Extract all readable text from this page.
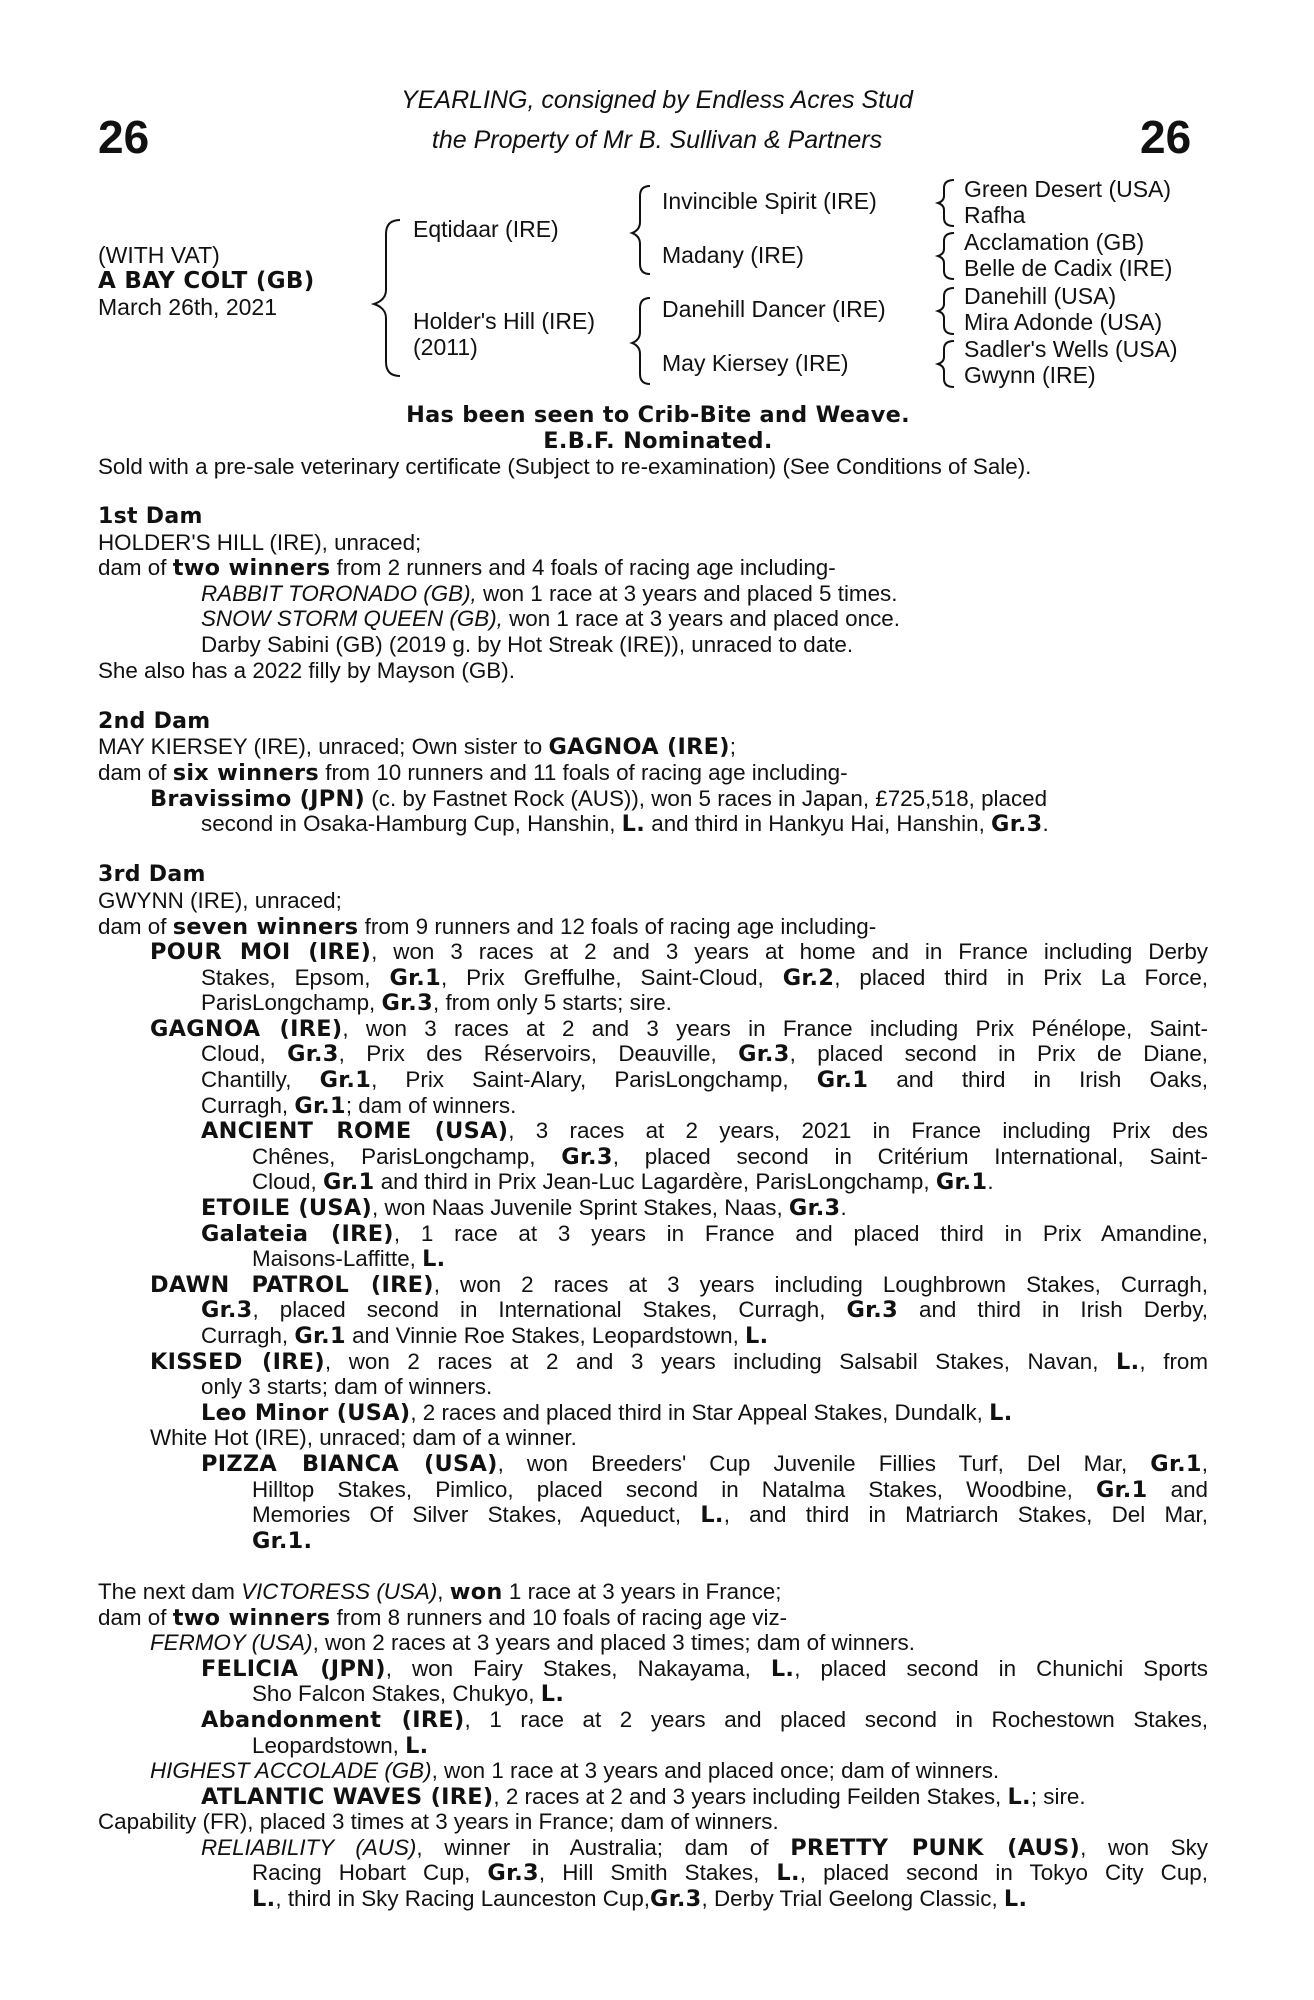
26	26
YEARLING, consigned by Endless Acres Stud
the Property of Mr B. Sullivan & Partners
(WITH VAT)
A BAY COLT (GB)
March 26th, 2021
Eqtidaar (IRE)
Holder's Hill (IRE)
(2011)
Invincible Spirit (IRE)
Madany (IRE)
Danehill Dancer (IRE)
May Kiersey (IRE)
Green Desert (USA)
Rafha
Acclamation (GB)
Belle de Cadix (IRE)
Danehill (USA)
Mira Adonde (USA)
Sadler's Wells (USA)
Gwynn (IRE)
Has been seen to Crib-Bite and Weave.
E.B.F. Nominated.
Sold with a pre-sale veterinary certificate (Subject to re-examination) (See Conditions of Sale).
1st Dam
HOLDER'S HILL (IRE), unraced;
dam of two winners from 2 runners and 4 foals of racing age including-
RABBIT TORONADO (GB), won 1 race at 3 years and placed 5 times.
SNOW STORM QUEEN (GB), won 1 race at 3 years and placed once.
Darby Sabini (GB) (2019 g. by Hot Streak (IRE)), unraced to date.
She also has a 2022 filly by Mayson (GB).
2nd Dam
MAY KIERSEY (IRE), unraced; Own sister to GAGNOA (IRE);
dam of six winners from 10 runners and 11 foals of racing age including-
Bravissimo (JPN) (c. by Fastnet Rock (AUS)), won 5 races in Japan, £725,518, placed
second in Osaka-Hamburg Cup, Hanshin, L. and third in Hankyu Hai, Hanshin, Gr.3.
3rd Dam
GWYNN (IRE), unraced;
dam of seven winners from 9 runners and 12 foals of racing age including-
POUR MOI (IRE), won 3 races at 2 and 3 years at home and in France including Derby
Stakes, Epsom, Gr.1, Prix Greffulhe, Saint-Cloud, Gr.2, placed third in Prix La Force,
ParisLongchamp, Gr.3, from only 5 starts; sire.
GAGNOA (IRE), won 3 races at 2 and 3 years in France including Prix Pénélope, Saint-
Cloud, Gr.3, Prix des Réservoirs, Deauville, Gr.3, placed second in Prix de Diane,
Chantilly, Gr.1, Prix Saint-Alary, ParisLongchamp, Gr.1 and third in Irish Oaks,
Curragh, Gr.1; dam of winners.
ANCIENT ROME (USA), 3 races at 2 years, 2021 in France including Prix des
Chênes, ParisLongchamp, Gr.3, placed second in Critérium International, Saint-
Cloud, Gr.1 and third in Prix Jean-Luc Lagardère, ParisLongchamp, Gr.1.
ETOILE (USA), won Naas Juvenile Sprint Stakes, Naas, Gr.3.
Galateia (IRE), 1 race at 3 years in France and placed third in Prix Amandine,
Maisons-Laffitte, L.
DAWN PATROL (IRE), won 2 races at 3 years including Loughbrown Stakes, Curragh,
Gr.3, placed second in International Stakes, Curragh, Gr.3 and third in Irish Derby,
Curragh, Gr.1 and Vinnie Roe Stakes, Leopardstown, L.
KISSED (IRE), won 2 races at 2 and 3 years including Salsabil Stakes, Navan, L., from
only 3 starts; dam of winners.
Leo Minor (USA), 2 races and placed third in Star Appeal Stakes, Dundalk, L.
White Hot (IRE), unraced; dam of a winner.
PIZZA BIANCA (USA), won Breeders' Cup Juvenile Fillies Turf, Del Mar, Gr.1,
Hilltop Stakes, Pimlico, placed second in Natalma Stakes, Woodbine, Gr.1 and
Memories Of Silver Stakes, Aqueduct, L., and third in Matriarch Stakes, Del Mar,
Gr.1.
The next dam VICTORESS (USA), won 1 race at 3 years in France;
dam of two winners from 8 runners and 10 foals of racing age viz-
FERMOY (USA), won 2 races at 3 years and placed 3 times; dam of winners.
FELICIA (JPN), won Fairy Stakes, Nakayama, L., placed second in Chunichi Sports
Sho Falcon Stakes, Chukyo, L.
Abandonment (IRE), 1 race at 2 years and placed second in Rochestown Stakes,
Leopardstown, L.
HIGHEST ACCOLADE (GB), won 1 race at 3 years and placed once; dam of winners.
ATLANTIC WAVES (IRE), 2 races at 2 and 3 years including Feilden Stakes, L.; sire.
Capability (FR), placed 3 times at 3 years in France; dam of winners.
RELIABILITY (AUS), winner in Australia; dam of PRETTY PUNK (AUS), won Sky
Racing Hobart Cup, Gr.3, Hill Smith Stakes, L., placed second in Tokyo City Cup,
L., third in Sky Racing Launceston Cup,Gr.3, Derby Trial Geelong Classic, L.
